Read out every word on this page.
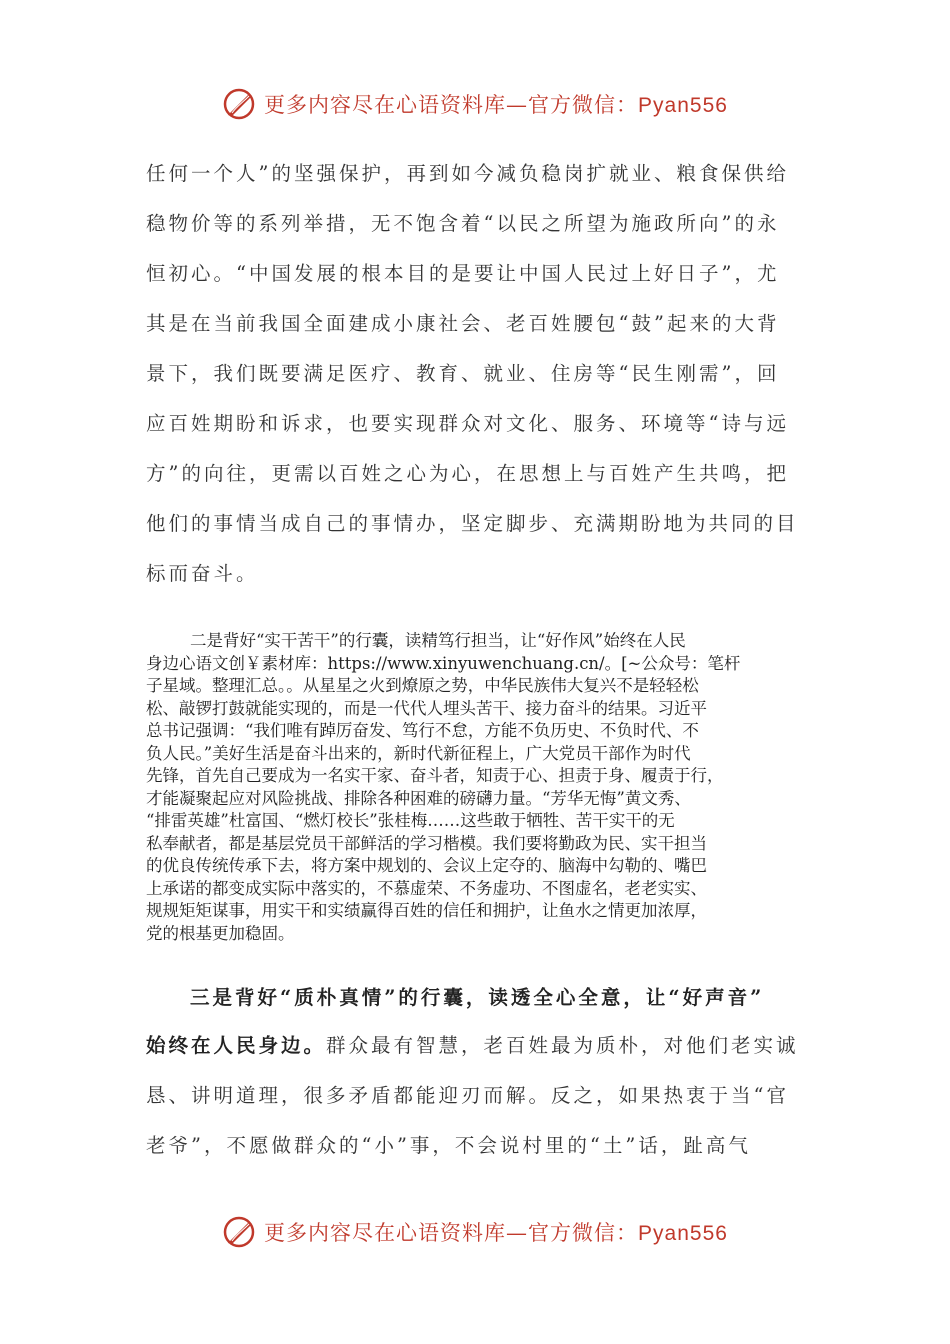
更多内容尽在心语资料库—官方微信：Pyan556
任何一个人”的坚强保护，再到如今减负稳岗扩就业、粮食保供给
稳物价等的系列举措，无不饱含着“以民之所望为施政所向”的永
恒初心。“中国发展的根本目的是要让中国人民过上好日子”，尤
其是在当前我国全面建成小康社会、老百姓腰包“鼓”起来的大背
景下，我们既要满足医疗、教育、就业、住房等“民生刚需”，回
应百姓期盼和诉求，也要实现群众对文化、服务、环境等“诗与远
方”的向往，更需以百姓之心为心，在思想上与百姓产生共鸣，把
他们的事情当成自己的事情办，坚定脚步、充满期盼地为共同的目
标而奋斗。
二是背好“实干苦干”的行囊，读精笃行担当，让“好作风”始终在人民
身边心语文创￥素材库：https://www.xinyuwenchuang.cn/。[~公众号：笔杆
子星域。整理汇总。。从星星之火到燎原之势，中华民族伟大复兴不是轻轻松
松、敲锣打鼓就能实现的，而是一代代人埋头苦干、接力奋斗的结果。习近平
总书记强调：“我们唯有踔厉奋发、笃行不怠，方能不负历史、不负时代、不
负人民。”美好生活是奋斗出来的，新时代新征程上，广大党员干部作为时代
先锋，首先自己要成为一名实干家、奋斗者，知责于心、担责于身、履责于行，
才能凝聚起应对风险挑战、排除各种困难的磅礴力量。“芳华无悔”黄文秀、
“排雷英雄”杜富国、“燃灯校长”张桂梅……这些敢于牺牲、苦干实干的无
私奉献者，都是基层党员干部鲜活的学习楷模。我们要将勤政为民、实干担当
的优良传统传承下去，将方案中规划的、会议上定夺的、脑海中勾勒的、嘴巴
上承诺的都变成实际中落实的，不慕虚荣、不务虚功、不图虚名，老老实实、
规规矩矩谋事，用实干和实绩赢得百姓的信任和拥护，让鱼水之情更加浓厚，
党的根基更加稳固。
三是背好“质朴真情”的行囊，读透全心全意，让“好声音”
始终在人民身边。群众最有智慧，老百姓最为质朴，对他们老实诚
恳、讲明道理，很多矛盾都能迎刃而解。反之，如果热衷于当“官
老爷”，不愿做群众的“小”事，不会说村里的“土”话，趾高气
更多内容尽在心语资料库—官方微信：Pyan556
